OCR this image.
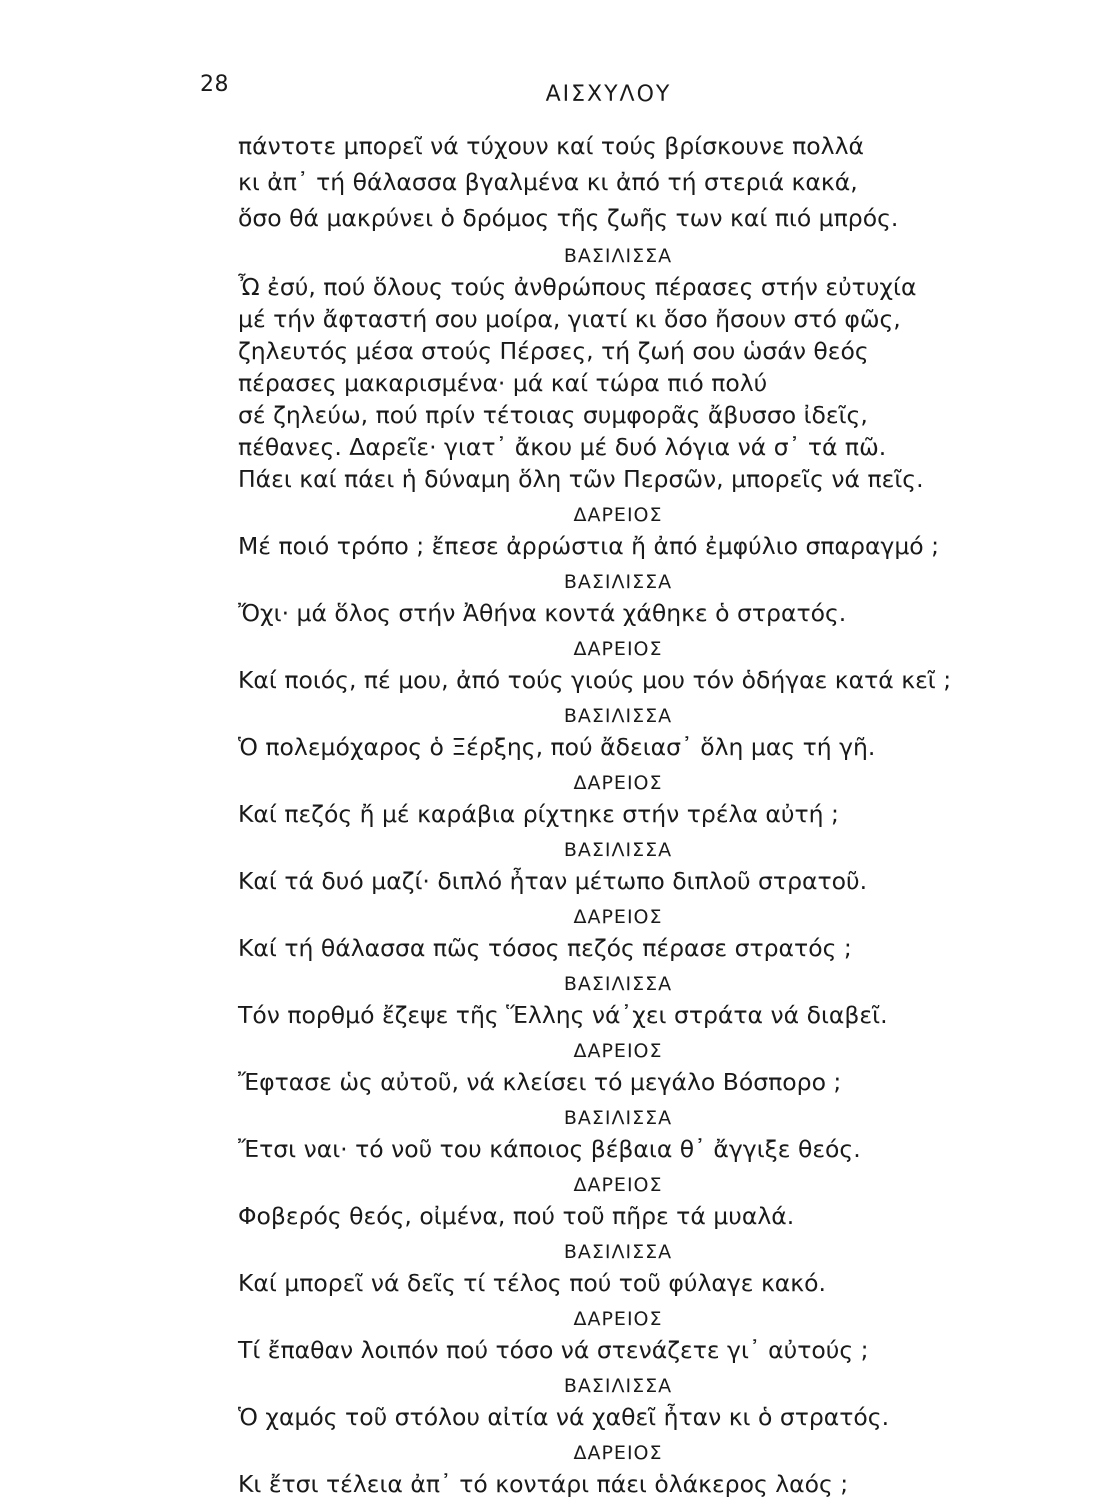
28	ΑΙΣΧΥΛΟΥ
πάντοτε μπορεῖ νά τύχουν καί τούς βρίσκουνε πολλά
κι ἀπ᾽ τή θάλασσα βγαλμένα κι ἀπό τή στεριά κακά,
ὅσο θά μακρύνει ὁ δρόμος τῆς ζωῆς των καί πιό μπρός.
ΒΑΣΙΛΙΣΣΑ
Ὦ ἐσύ, πού ὅλους τούς ἀνθρώπους πέρασες στήν εὐτυχία
μέ τήν ἄφταστή σου μοίρα, γιατί κι ὅσο ἤσουν στό φῶς,
ζηλευτός μέσα στούς Πέρσες, τή ζωή σου ὡσάν θεός
πέρασες μακαρισμένα· μά καί τώρα πιό πολύ
σέ ζηλεύω, πού πρίν τέτοιας συμφορᾶς ἄβυσσο ἰδεῖς,
πέθανες. Δαρεῖε· γιατ᾽ ἄκου μέ δυό λόγια νά σ᾽ τά πῶ.
Πάει καί πάει ἡ δύναμη ὅλη τῶν Περσῶν, μπορεῖς νά πεῖς.
ΔΑΡΕΙΟΣ
Μέ ποιό τρόπο ; ἔπεσε ἀρρώστια ἤ ἀπό ἐμφύλιο σπαραγμό ;
ΒΑΣΙΛΙΣΣΑ
Ὄχι· μά ὅλος στήν Ἀθήνα κοντά χάθηκε ὁ στρατός.
ΔΑΡΕΙΟΣ
Καί ποιός, πέ μου, ἀπό τούς γιούς μου τόν ὁδήγαε κατά κεῖ ;
ΒΑΣΙΛΙΣΣΑ
Ὁ πολεμόχαρος ὁ Ξέρξης, πού ἄδειασ᾽ ὅλη μας τή γῆ.
ΔΑΡΕΙΟΣ
Καί πεζός ἤ μέ καράβια ρίχτηκε στήν τρέλα αὐτή ;
ΒΑΣΙΛΙΣΣΑ
Καί τά δυό μαζί· διπλό ἦταν μέτωπο διπλοῦ στρατοῦ.
ΔΑΡΕΙΟΣ
Καί τή θάλασσα πῶς τόσος πεζός πέρασε στρατός ;
ΒΑΣΙΛΙΣΣΑ
Τόν πορθμό ἔζεψε τῆς Ἕλλης νά᾽χει στράτα νά διαβεῖ.
ΔΑΡΕΙΟΣ
Ἔφτασε ὡς αὐτοῦ, νά κλείσει τό μεγάλο Βόσπορο ;
ΒΑΣΙΛΙΣΣΑ
Ἔτσι ναι· τό νοῦ του κάποιος βέβαια θ᾽ ἄγγιξε θεός.
ΔΑΡΕΙΟΣ
Φοβερός θεός, οἰμένα, πού τοῦ πῆρε τά μυαλά.
ΒΑΣΙΛΙΣΣΑ
Καί μπορεῖ νά δεῖς τί τέλος πού τοῦ φύλαγε κακό.
ΔΑΡΕΙΟΣ
Τί ἔπαθαν λοιπόν πού τόσο νά στενάζετε γι᾽ αὐτούς ;
ΒΑΣΙΛΙΣΣΑ
Ὁ χαμός τοῦ στόλου αἰτία νά χαθεῖ ἦταν κι ὁ στρατός.
ΔΑΡΕΙΟΣ
Κι ἔτσι τέλεια ἀπ᾽ τό κοντάρι πάει ὁλάκερος λαός ;
